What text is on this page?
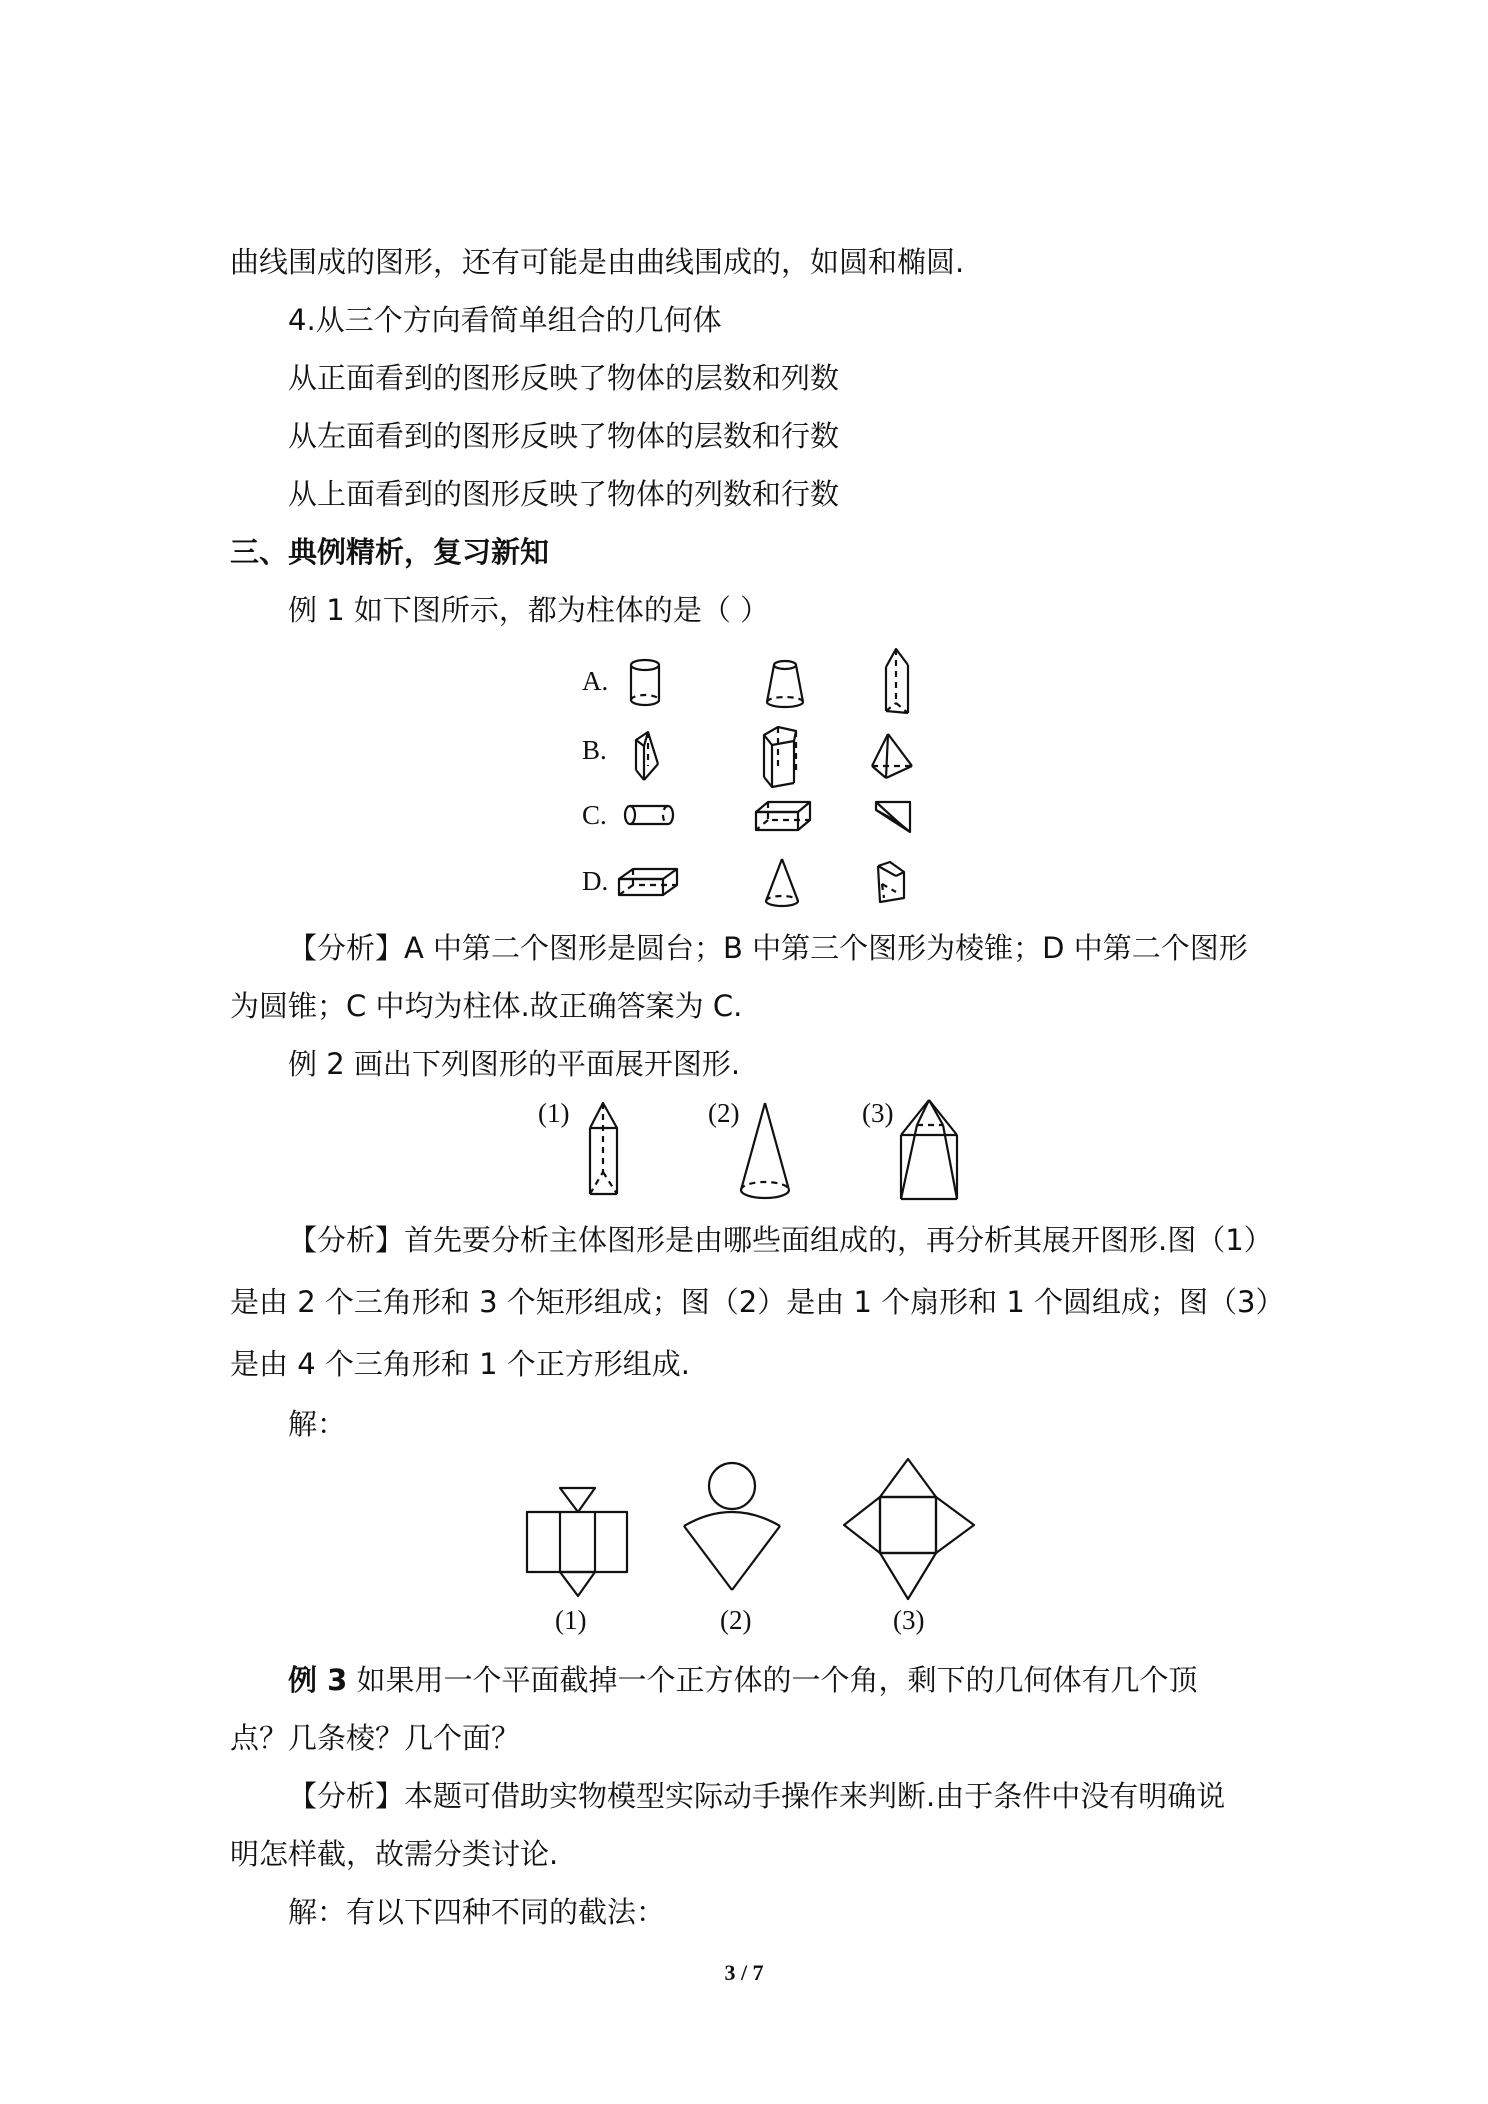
曲线围成的图形，还有可能是由曲线围成的，如圆和椭圆.

4.从三个方向看简单组合的几何体

从正面看到的图形反映了物体的层数和列数

从左面看到的图形反映了物体的层数和行数

从上面看到的图形反映了物体的列数和行数

三、典例精析，复习新知

例 1 如下图所示，都为柱体的是（ ）

A.
B.
C.
D.

【分析】A 中第二个图形是圆台；B 中第三个图形为棱锥；D 中第二个图形

为圆锥；C 中均为柱体.故正确答案为 C.

例 2 画出下列图形的平面展开图形.

(1)	(2)	(3)

【分析】首先要分析主体图形是由哪些面组成的，再分析其展开图形.图（1）

是由 2 个三角形和 3 个矩形组成；图（2）是由 1 个扇形和 1 个圆组成；图（3）

是由 4 个三角形和 1 个正方形组成.

解：

(1)	(2)	(3)

例 3 如果用一个平面截掉一个正方体的一个角，剩下的几何体有几个顶

点？几条棱？几个面？

【分析】本题可借助实物模型实际动手操作来判断.由于条件中没有明确说

明怎样截，故需分类讨论.

解：有以下四种不同的截法：

3 / 7
